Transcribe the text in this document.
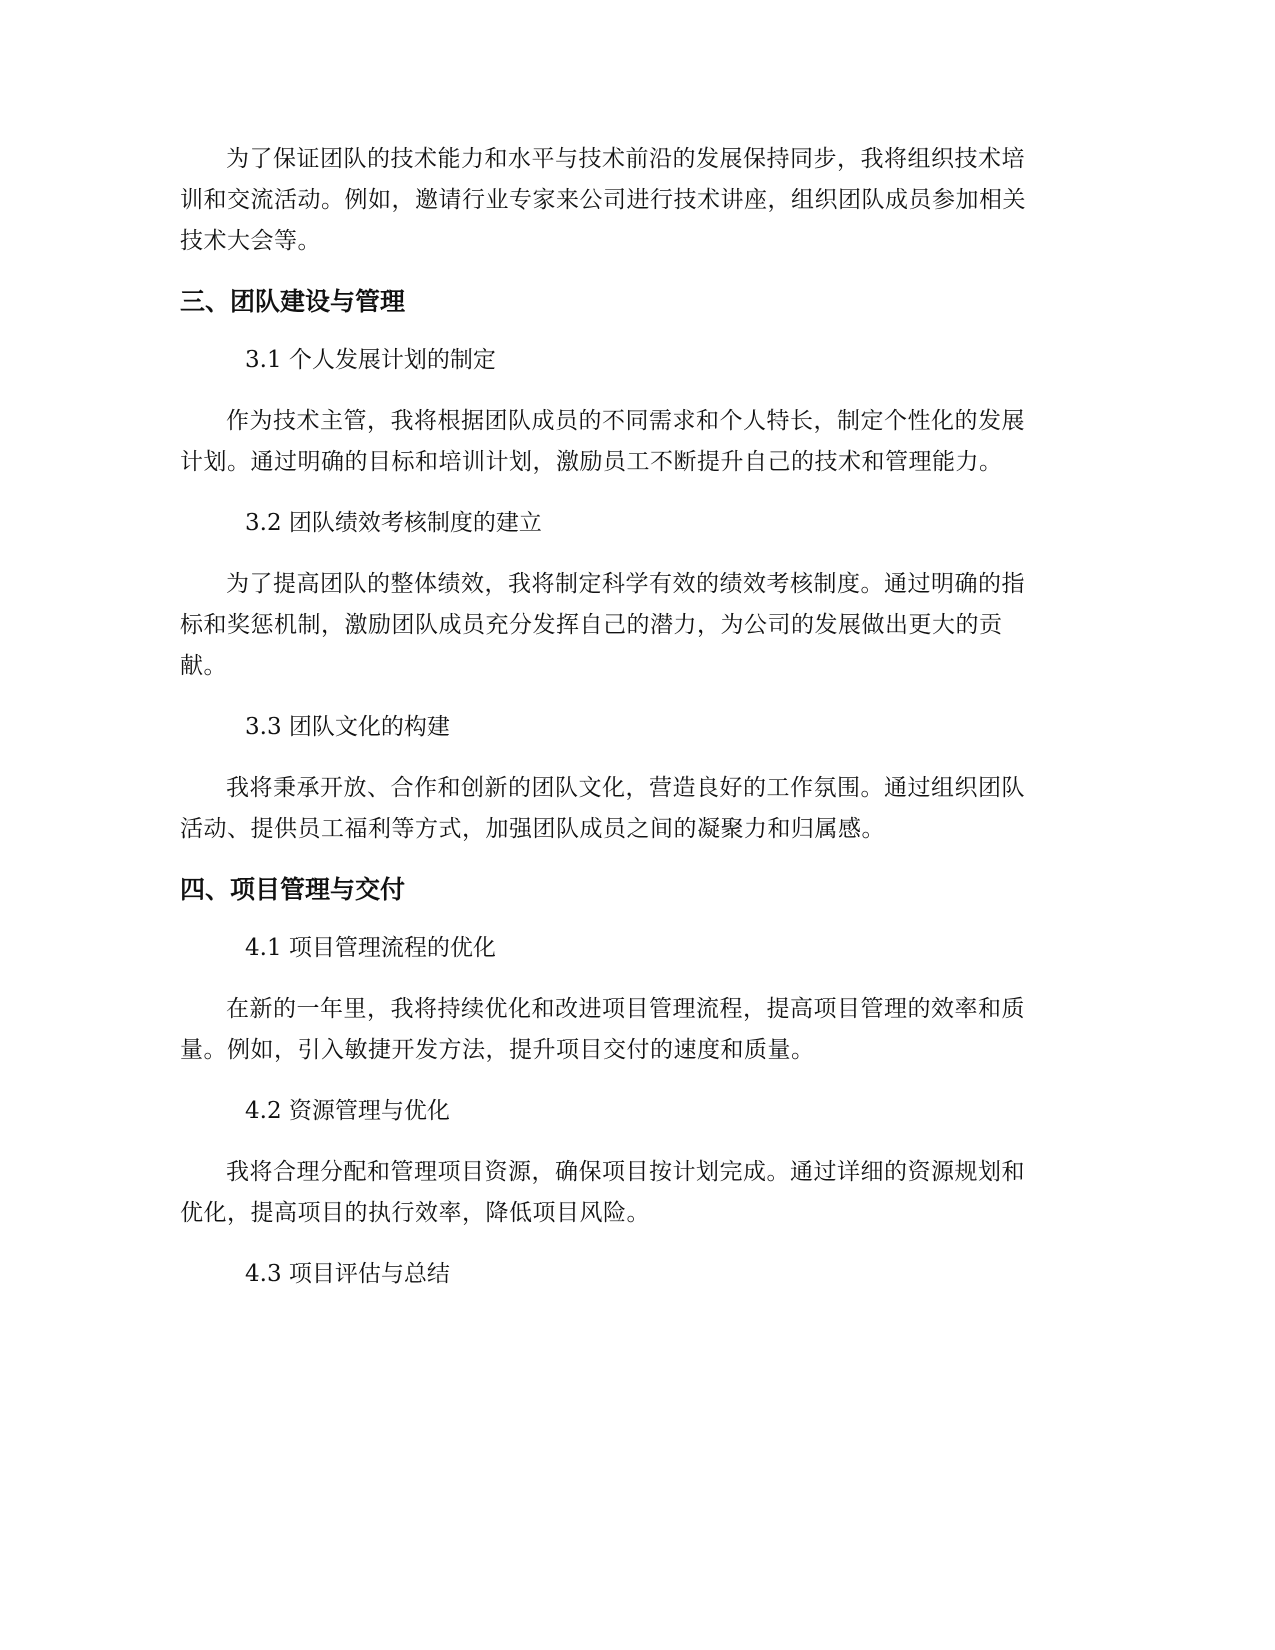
为了保证团队的技术能力和水平与技术前沿的发展保持同步，我将组织技术培训和交流活动。例如，邀请行业专家来公司进行技术讲座，组织团队成员参加相关技术大会等。

三、团队建设与管理
3.1 个人发展计划的制定

作为技术主管，我将根据团队成员的不同需求和个人特长，制定个性化的发展计划。通过明确的目标和培训计划，激励员工不断提升自己的技术和管理能力。

3.2 团队绩效考核制度的建立

为了提高团队的整体绩效，我将制定科学有效的绩效考核制度。通过明确的指标和奖惩机制，激励团队成员充分发挥自己的潜力，为公司的发展做出更大的贡献。

3.3 团队文化的构建

我将秉承开放、合作和创新的团队文化，营造良好的工作氛围。通过组织团队活动、提供员工福利等方式，加强团队成员之间的凝聚力和归属感。

四、项目管理与交付
4.1 项目管理流程的优化

在新的一年里，我将持续优化和改进项目管理流程，提高项目管理的效率和质量。例如，引入敏捷开发方法，提升项目交付的速度和质量。

4.2 资源管理与优化

我将合理分配和管理项目资源，确保项目按计划完成。通过详细的资源规划和优化，提高项目的执行效率，降低项目风险。

4.3 项目评估与总结
